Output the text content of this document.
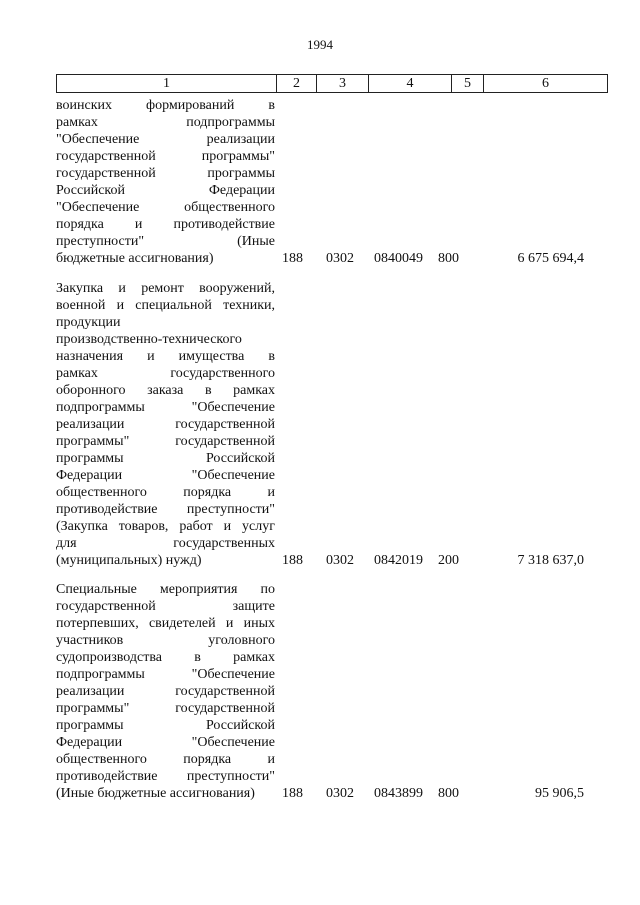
1994
1	2	3	4	5	6
воинских формирований в
рамках подпрограммы
"Обеспечение реализации
государственной программы"
государственной программы
Российской Федерации
"Обеспечение общественного
порядка и противодействие
преступности" (Иные
бюджетные ассигнования)	188 0302 0840049 800	6 675 694,4
Закупка и ремонт вооружений,
военной и специальной техники,
продукции
производственно-технического
назначения и имущества в
рамках государственного
оборонного заказа в рамках
подпрограммы "Обеспечение
реализации государственной
программы" государственной
программы Российской
Федерации "Обеспечение
общественного порядка и
противодействие преступности"
(Закупка товаров, работ и услуг
для государственных
(муниципальных) нужд)	188 0302 0842019 200	7 318 637,0
Специальные мероприятия по
государственной защите
потерпевших, свидетелей и иных
участников уголовного
судопроизводства в рамках
подпрограммы "Обеспечение
реализации государственной
программы" государственной
программы Российской
Федерации "Обеспечение
общественного порядка и
противодействие преступности"
(Иные бюджетные ассигнования)	188 0302 0843899 800	95 906,5
